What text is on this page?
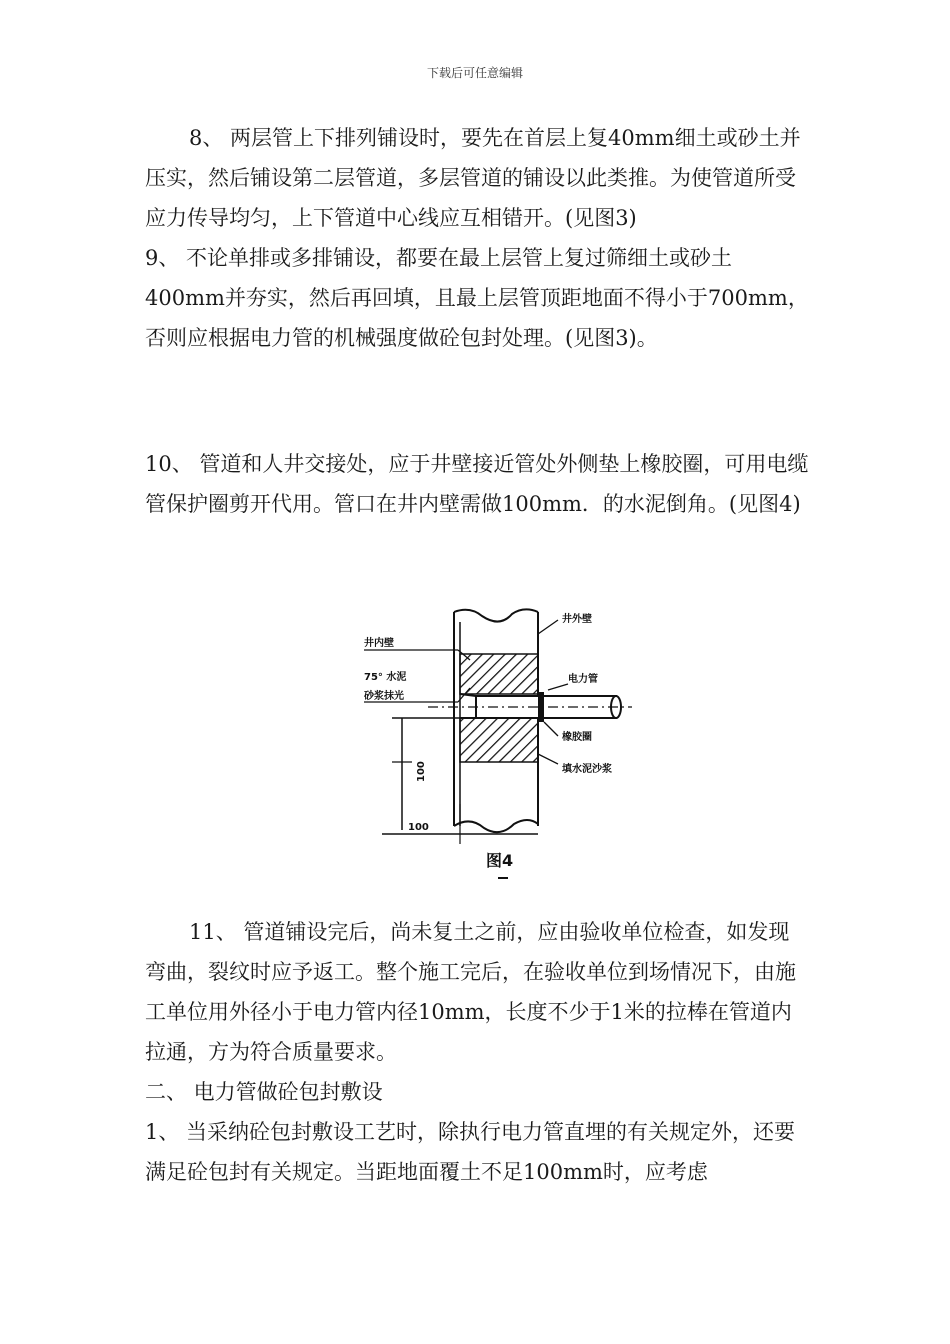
下载后可任意编辑

8、 两层管上下排列铺设时，要先在首层上复40mm细土或砂土并压实，然后铺设第二层管道，多层管道的铺设以此类推。为使管道所受应力传导均匀，上下管道中心线应互相错开。(见图3)

9、 不论单排或多排铺设，都要在最上层管上复过筛细土或砂土400mm并夯实，然后再回填，且最上层管顶距地面不得小于700mm，否则应根据电力管的机械强度做砼包封处理。(见图3)。

10、 管道和人井交接处，应于井壁接近管处外侧垫上橡胶圈，可用电缆管保护圈剪开代用。管口在井内壁需做100mm．的水泥倒角。(见图4)

井外壁
井内壁
75° 水泥
砂浆抹光
电力管
橡胶圈
填水泥沙浆
100
100
图4

11、 管道铺设完后，尚未复土之前，应由验收单位检查，如发现弯曲，裂纹时应予返工。整个施工完后，在验收单位到场情况下，由施工单位用外径小于电力管内径10mm，长度不少于1米的拉棒在管道内拉通，方为符合质量要求。

二、 电力管做砼包封敷设

1、 当采纳砼包封敷设工艺时，除执行电力管直埋的有关规定外，还要满足砼包封有关规定。当距地面覆土不足100mm时，应考虑
